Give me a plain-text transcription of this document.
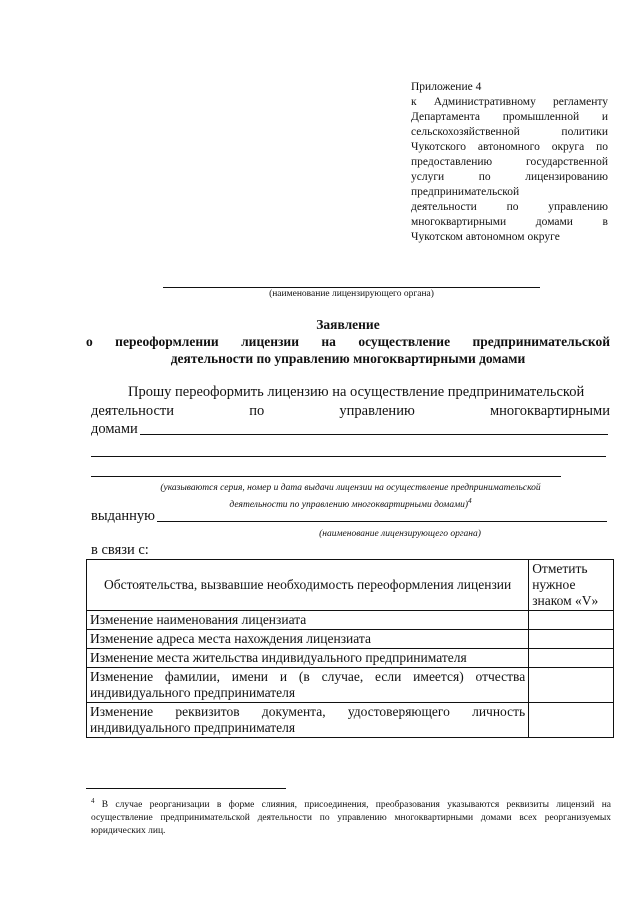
Приложение 4
к Административному регламенту
Департамента промышленной и
сельскохозяйственной политики
Чукотского автономного округа по
предоставлению государственной
услуги по лицензированию
предпринимательской
деятельности по управлению
многоквартирными домами в
Чукотском автономном округе
(наименование лицензирующего органа)
Заявление
о переоформлении лицензии на осуществление предпринимательской
деятельности по управлению многоквартирными домами
Прошу переоформить лицензию на осуществление предпринимательской
деятельности по управлению многоквартирными
домами
(указываются серия, номер и дата выдачи лицензии на осуществление предпринимательской
деятельности по управлению многоквартирными домами)$^4$
выданную
(наименование лицензирующего органа)
в связи с:
Обстоятельства, вызвавшие необходимость переоформления лицензии	Отметить нужное знаком «V»
Изменение наименования лицензиата	
Изменение адреса места нахождения лицензиата	
Изменение места жительства индивидуального предпринимателя	
Изменение фамилии, имени и (в случае, если имеется) отчества индивидуального предпринимателя	
Изменение реквизитов документа, удостоверяющего личность индивидуального предпринимателя	
$^4$ В случае реорганизации в форме слияния, присоединения, преобразования указываются реквизиты лицензий на осуществление предпринимательской деятельности по управлению многоквартирными домами всех реорганизуемых юридических лиц.
